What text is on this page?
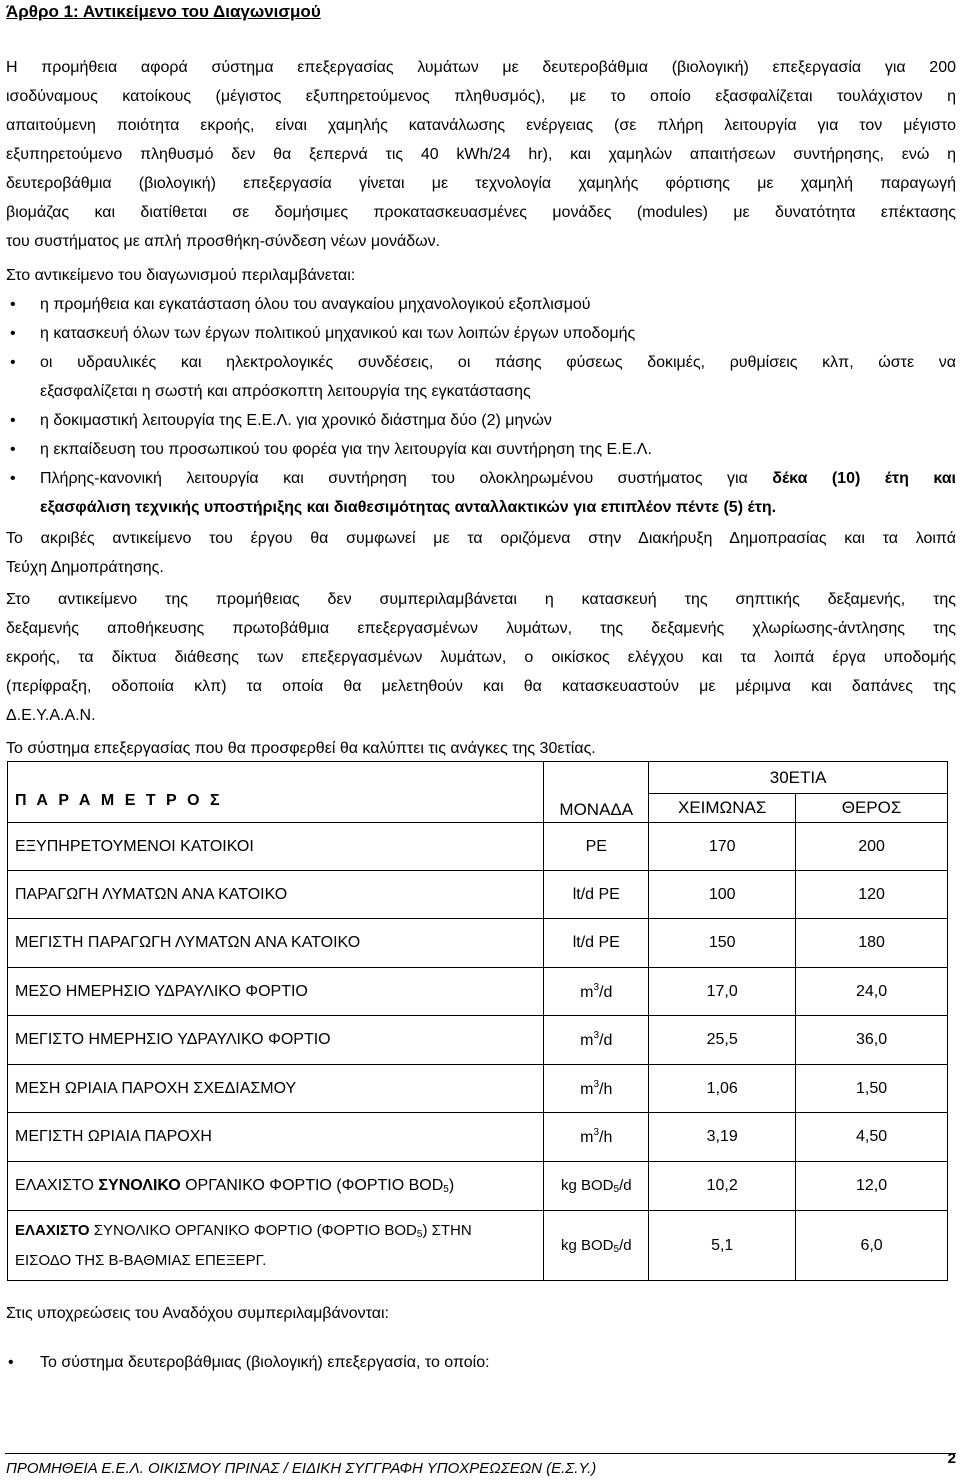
Άρθρο 1: Αντικείμενο του Διαγωνισμού
Η προμήθεια αφορά σύστημα επεξεργασίας λυμάτων με δευτεροβάθμια (βιολογική) επεξεργασία για 200
ισοδύναμους κατοίκους (μέγιστος εξυπηρετούμενος πληθυσμός), με το οποίο εξασφαλίζεται τουλάχιστον η
απαιτούμενη ποιότητα εκροής, είναι χαμηλής κατανάλωσης ενέργειας (σε πλήρη λειτουργία για τον μέγιστο
εξυπηρετούμενο πληθυσμό δεν θα ξεπερνά τις 40 kWh/24 hr), και χαμηλών απαιτήσεων συντήρησης, ενώ η
δευτεροβάθμια (βιολογική) επεξεργασία γίνεται με τεχνολογία χαμηλής φόρτισης με χαμηλή παραγωγή
βιομάζας και διατίθεται σε δομήσιμες προκατασκευασμένες μονάδες (modules) με δυνατότητα επέκτασης
του συστήματος με απλή προσθήκη-σύνδεση νέων μονάδων.
Στο αντικείμενο του διαγωνισμού περιλαμβάνεται:
• η προμήθεια και εγκατάσταση όλου του αναγκαίου μηχανολογικού εξοπλισμού
• η κατασκευή όλων των έργων πολιτικού μηχανικού και των λοιπών έργων υποδομής
• οι υδραυλικές και ηλεκτρολογικές συνδέσεις, οι πάσης φύσεως δοκιμές, ρυθμίσεις κλπ, ώστε να
εξασφαλίζεται η σωστή και απρόσκοπτη λειτουργία της εγκατάστασης
• η δοκιμαστική λειτουργία της Ε.Ε.Λ. για χρονικό διάστημα δύο (2) μηνών
• η εκπαίδευση του προσωπικού του φορέα για την λειτουργία και συντήρηση της Ε.Ε.Λ.
• Πλήρης-κανονική λειτουργία και συντήρηση του ολοκληρωμένου συστήματος για δέκα (10) έτη και
εξασφάλιση τεχνικής υποστήριξης και διαθεσιμότητας ανταλλακτικών για επιπλέον πέντε (5) έτη.
Το ακριβές αντικείμενο του έργου θα συμφωνεί με τα οριζόμενα στην Διακήρυξη Δημοπρασίας και τα λοιπά
Τεύχη Δημοπράτησης.
Στο αντικείμενο της προμήθειας δεν συμπεριλαμβάνεται η κατασκευή της σηπτικής δεξαμενής, της
δεξαμενής αποθήκευσης πρωτοβάθμια επεξεργασμένων λυμάτων, της δεξαμενής χλωρίωσης-άντλησης της
εκροής, τα δίκτυα διάθεσης των επεξεργασμένων λυμάτων, ο οικίσκος ελέγχου και τα λοιπά έργα υποδομής
(περίφραξη, οδοποιία κλπ) τα οποία θα μελετηθούν και θα κατασκευαστούν με μέριμνα και δαπάνες της
Δ.Ε.Υ.Α.Α.Ν.
Το σύστημα επεξεργασίας που θα προσφερθεί θα καλύπτει τις ανάγκες της 30ετίας.
Π Α Ρ Α Μ Ε Τ Ρ Ο Σ	ΜΟΝΑΔΑ	30ΕΤΙΑ	
		ΧΕΙΜΩΝΑΣ	ΘΕΡΟΣ
ΕΞΥΠΗΡΕΤΟΥΜΕΝΟΙ ΚΑΤΟΙΚΟΙ	PE	170	200
ΠΑΡΑΓΩΓΗ ΛΥΜΑΤΩΝ ΑΝΑ ΚΑΤΟΙΚΟ	lt/d PE	100	120
ΜΕΓΙΣΤΗ ΠΑΡΑΓΩΓΗ ΛΥΜΑΤΩΝ ΑΝΑ ΚΑΤΟΙΚΟ	lt/d PE	150	180
ΜΕΣΟ ΗΜΕΡΗΣΙΟ ΥΔΡΑΥΛΙΚΟ ΦΟΡΤΙΟ	$m^3/d$	17,0	24,0
ΜΕΓΙΣΤΟ ΗΜΕΡΗΣΙΟ ΥΔΡΑΥΛΙΚΟ ΦΟΡΤΙΟ	$m^3/d$	25,5	36,0
ΜΕΣΗ ΩΡΙΑΙΑ ΠΑΡΟΧΗ ΣΧΕΔΙΑΣΜΟΥ	$m^3/h$	1,06	1,50
ΜΕΓΙΣΤΗ ΩΡΙΑΙΑ ΠΑΡΟΧΗ	$m^3/h$	3,19	4,50
ΕΛΑΧΙΣΤΟ ΣΥΝΟΛΙΚΟ ΟΡΓΑΝΙΚΟ ΦΟΡΤΙΟ (ΦΟΡΤΙΟ $BOD_5$)	kg $BOD_5/d$	10,2	12,0
ΕΛΑΧΙΣΤΟ ΣΥΝΟΛΙΚΟ ΟΡΓΑΝΙΚΟ ΦΟΡΤΙΟ (ΦΟΡΤΙΟ $BOD_5$) ΣΤΗΝ
ΕΙΣΟΔΟ ΤΗΣ Β-ΒΑΘΜΙΑΣ ΕΠΕΞΕΡΓ.	kg $BOD_5/d$	5,1	6,0
Στις υποχρεώσεις του Αναδόχου συμπεριλαμβάνονται:
• Το σύστημα δευτεροβάθμιας (βιολογική) επεξεργασία, το οποίο:
ΠΡΟΜΗΘΕΙΑ Ε.Ε.Λ. ΟΙΚΙΣΜΟΥ ΠΡΙΝΑΣ / ΕΙΔΙΚΗ ΣΥΓΓΡΑΦΗ ΥΠΟΧΡΕΩΣΕΩΝ (Ε.Σ.Υ.)
2
